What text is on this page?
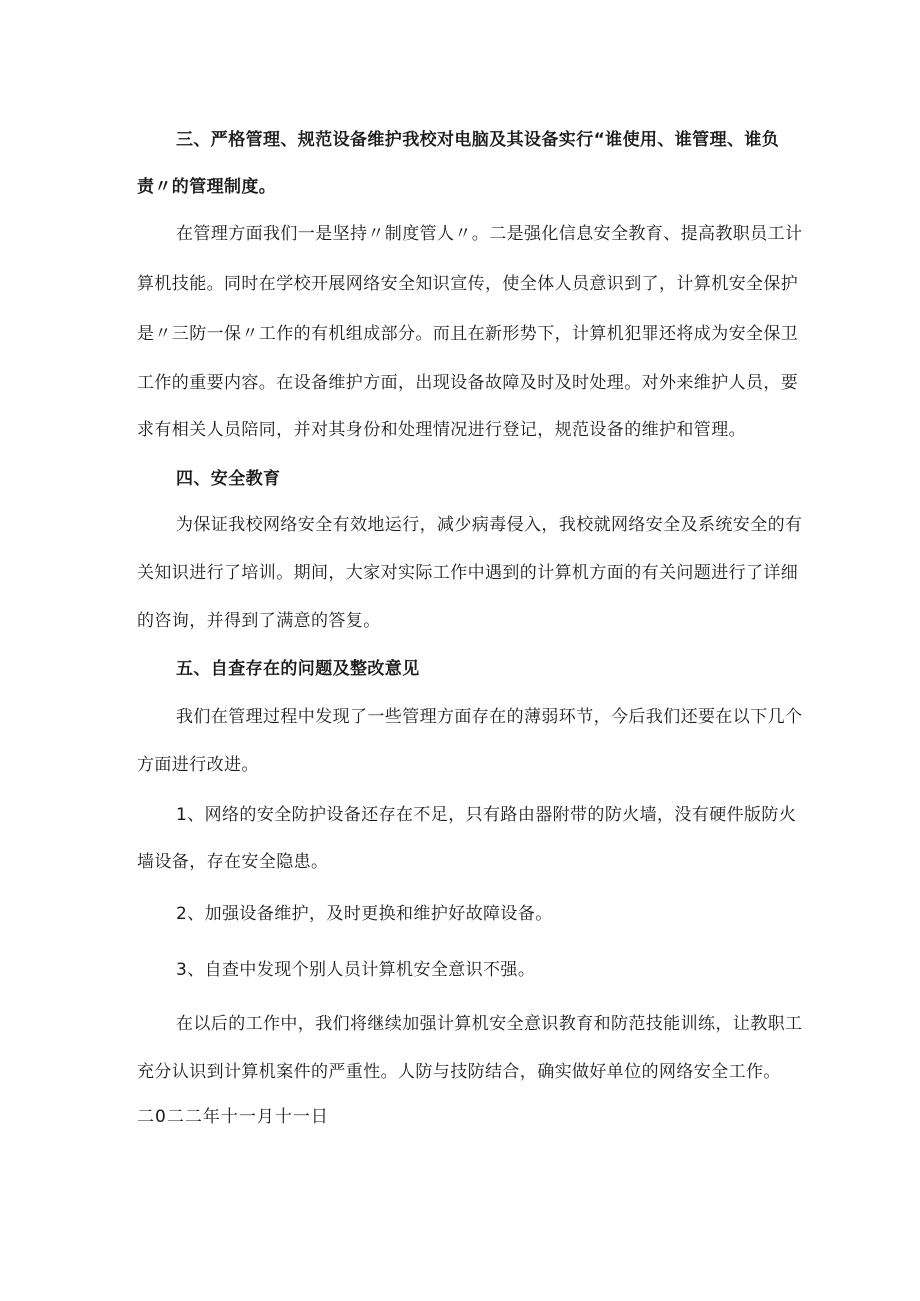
三、严格管理、规范设备维护我校对电脑及其设备实行“谁使用、谁管理、谁负
责〃的管理制度。
在管理方面我们一是坚持〃制度管人〃。二是强化信息安全教育、提高教职员工计
算机技能。同时在学校开展网络安全知识宣传，使全体人员意识到了，计算机安全保护
是〃三防一保〃工作的有机组成部分。而且在新形势下，计算机犯罪还将成为安全保卫
工作的重要内容。在设备维护方面，出现设备故障及时及时处理。对外来维护人员，要
求有相关人员陪同，并对其身份和处理情况进行登记，规范设备的维护和管理。
四、安全教育
为保证我校网络安全有效地运行，减少病毒侵入，我校就网络安全及系统安全的有
关知识进行了培训。期间，大家对实际工作中遇到的计算机方面的有关问题进行了详细
的咨询，并得到了满意的答复。
五、自查存在的问题及整改意见
我们在管理过程中发现了一些管理方面存在的薄弱环节，今后我们还要在以下几个
方面进行改进。
1、网络的安全防护设备还存在不足，只有路由器附带的防火墙，没有硬件版防火
墙设备，存在安全隐患。
2、加强设备维护，及时更换和维护好故障设备。
3、自查中发现个别人员计算机安全意识不强。
在以后的工作中，我们将继续加强计算机安全意识教育和防范技能训练，让教职工
充分认识到计算机案件的严重性。人防与技防结合，确实做好单位的网络安全工作。
二0二二年十一月十一日
